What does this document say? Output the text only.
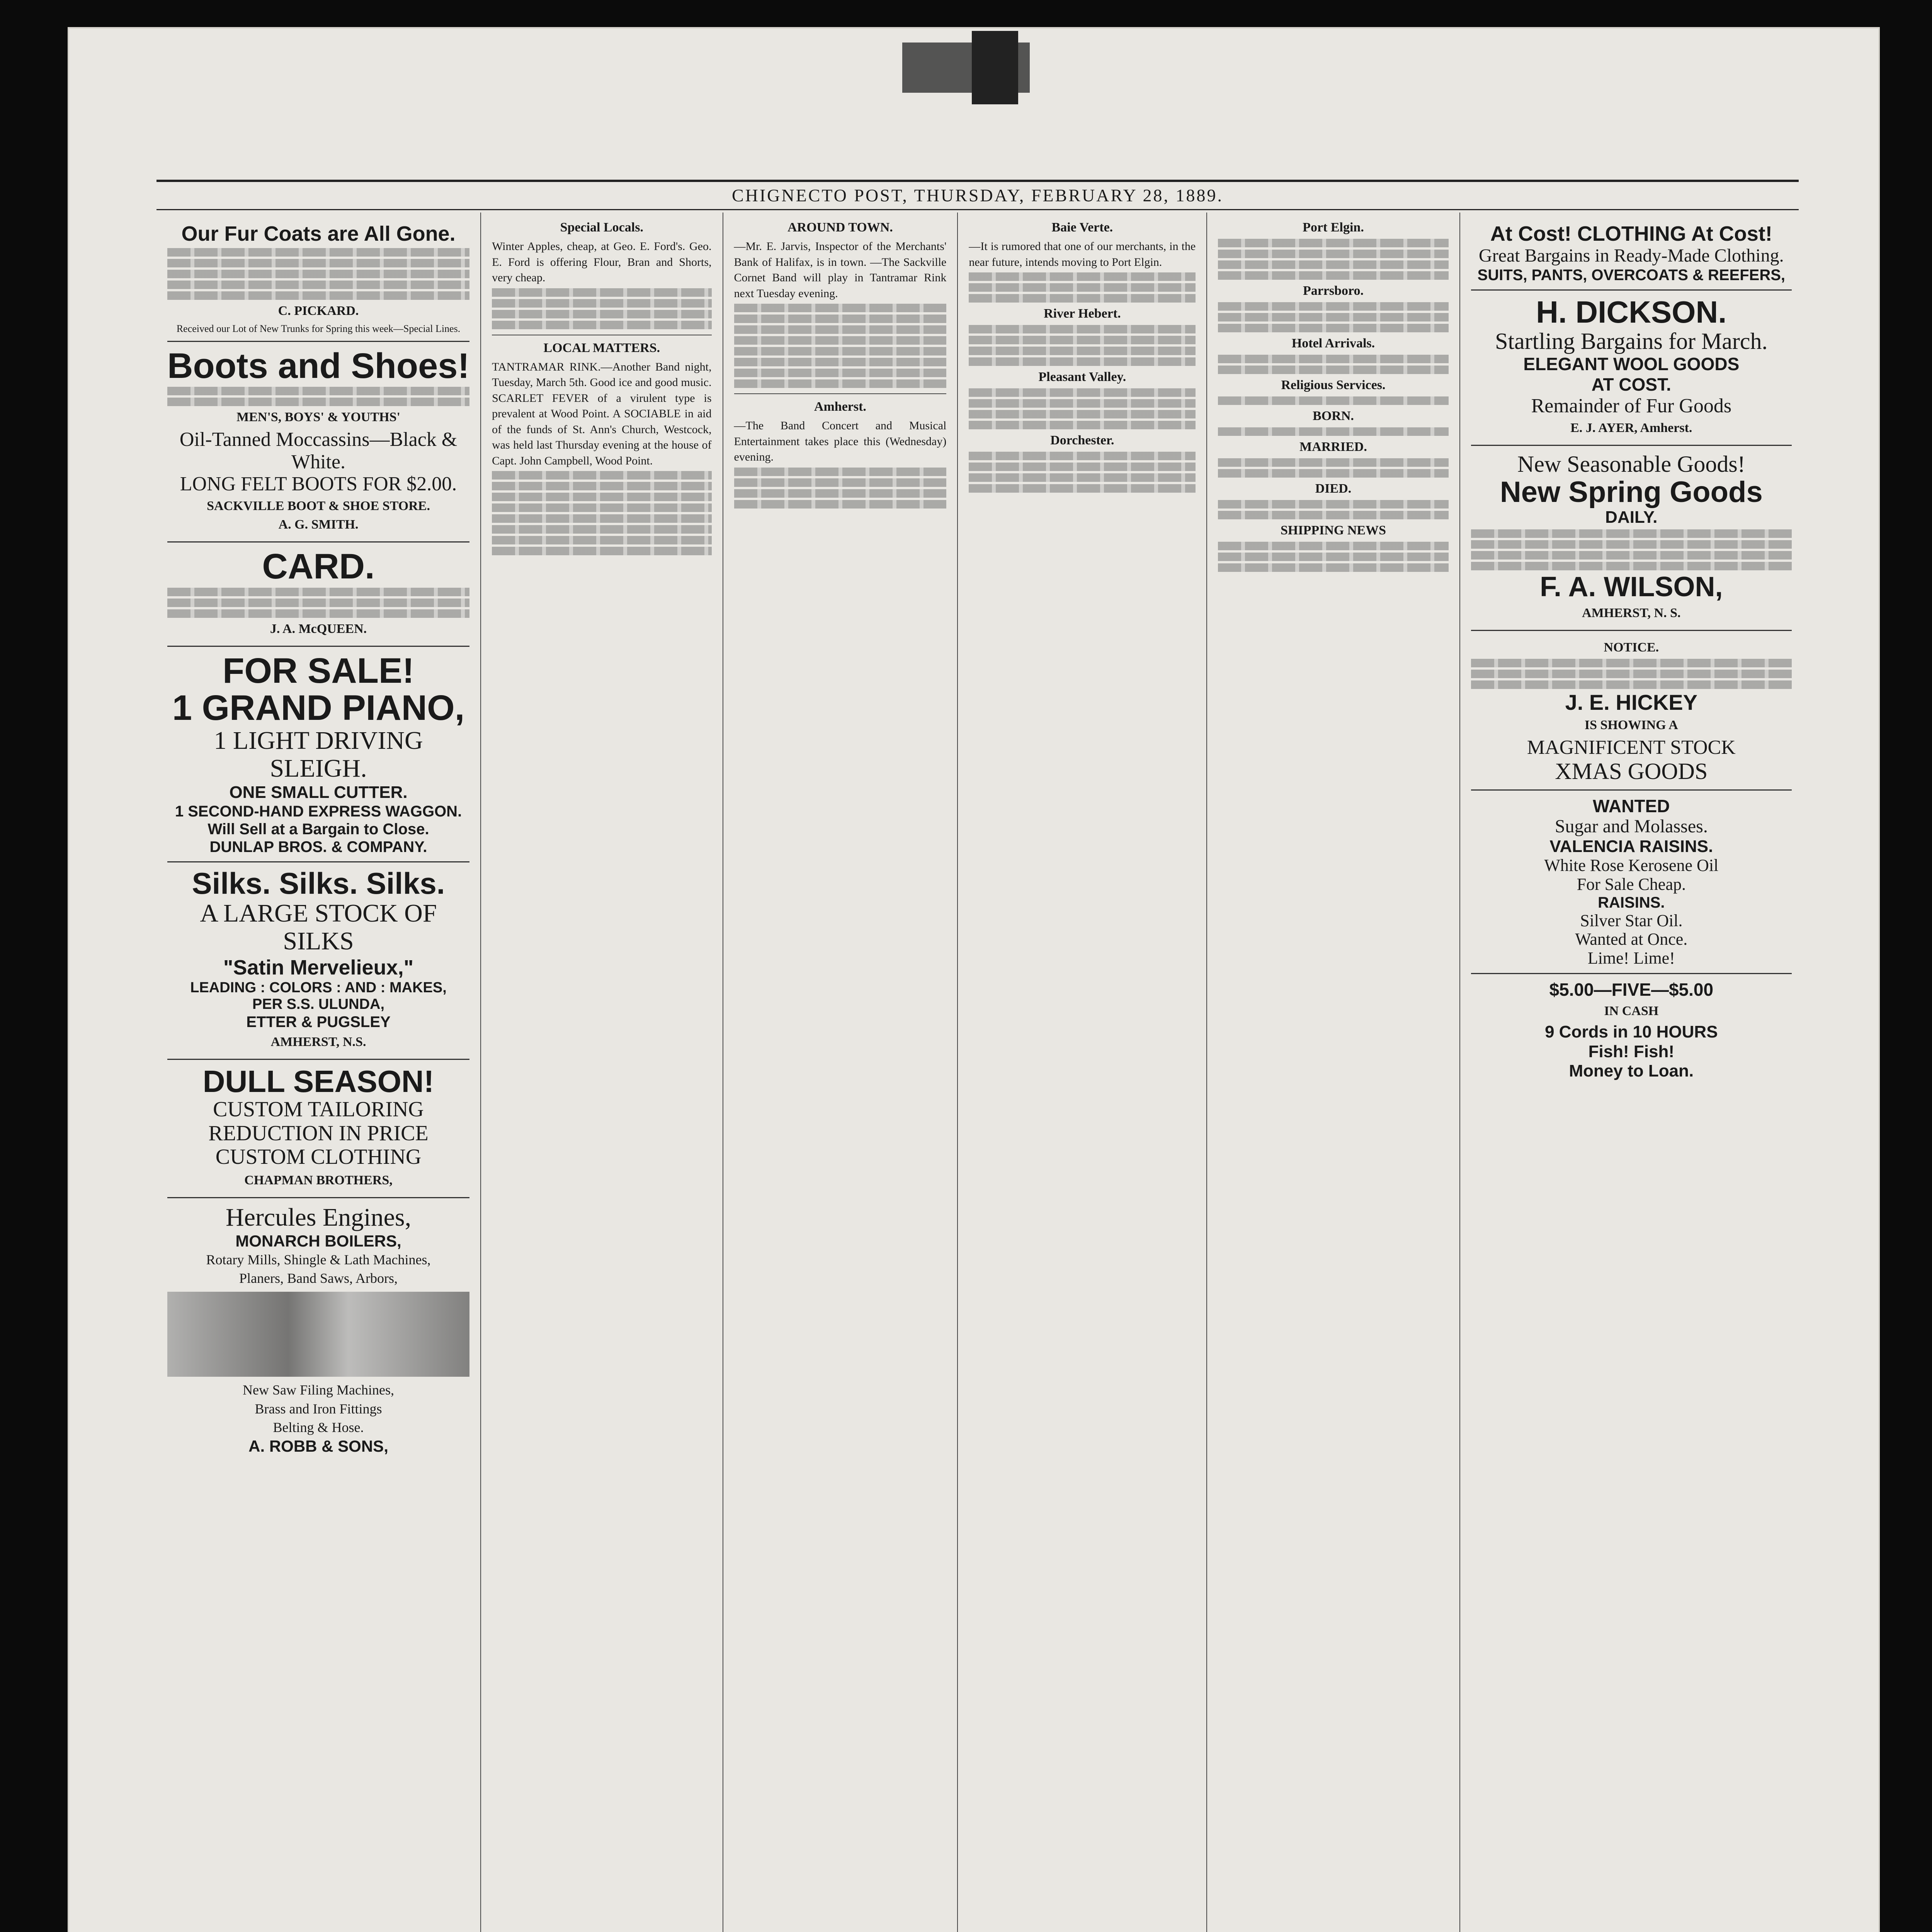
CHIGNECTO POST, THURSDAY, FEBRUARY 28, 1889.
Our Fur Coats are All Gone.
C. PICKARD.
Received our Lot of New Trunks for Spring this week—Special Lines.
Boots and Shoes!
MEN'S, BOYS' & YOUTHS'
Oil-Tanned Moccassins—Black & White.
LONG FELT BOOTS FOR $2.00.
SACKVILLE BOOT & SHOE STORE.
A. G. SMITH.
CARD.
J. A. McQUEEN.
FOR SALE!
1 GRAND PIANO,
1 LIGHT DRIVING SLEIGH.
ONE SMALL CUTTER.
1 SECOND-HAND EXPRESS WAGGON.
Will Sell at a Bargain to Close.
DUNLAP BROS. & COMPANY.
Silks. Silks. Silks.
A LARGE STOCK OF SILKS
"Satin Mervelieux,"
LEADING : COLORS : AND : MAKES,
PER S.S. ULUNDA,
ETTER & PUGSLEY
AMHERST, N.S.
DULL SEASON!
CUSTOM TAILORING
REDUCTION IN PRICE
CUSTOM CLOTHING
CHAPMAN BROTHERS,
Hercules Engines,
MONARCH BOILERS,
Rotary Mills, Shingle & Lath Machines,
Planers, Band Saws, Arbors,
New Saw Filing Machines,
Brass and Iron Fittings
Belting & Hose.
A. ROBB & SONS,
Special Locals.
Winter Apples, cheap, at Geo. E. Ford's. Geo. E. Ford is offering Flour, Bran and Shorts, very cheap.
LOCAL MATTERS.
TANTRAMAR RINK.—Another Band night, Tuesday, March 5th. Good ice and good music. SCARLET FEVER of a virulent type is prevalent at Wood Point. A SOCIABLE in aid of the funds of St. Ann's Church, Westcock, was held last Thursday evening at the house of Capt. John Campbell, Wood Point.
AROUND TOWN.
—Mr. E. Jarvis, Inspector of the Merchants' Bank of Halifax, is in town. —The Sackville Cornet Band will play in Tantramar Rink next Tuesday evening.
Amherst.
—The Band Concert and Musical Entertainment takes place this (Wednesday) evening.
Baie Verte.
—It is rumored that one of our merchants, in the near future, intends moving to Port Elgin.
River Hebert.
Pleasant Valley.
Dorchester.
Port Elgin.
Parrsboro.
Hotel Arrivals.
Religious Services.
BORN.
MARRIED.
DIED.
SHIPPING NEWS
At Cost! CLOTHING At Cost!
Great Bargains in Ready-Made Clothing.
SUITS, PANTS, OVERCOATS & REEFERS,
H. DICKSON.
Startling Bargains for March.
ELEGANT WOOL GOODS
AT COST.
Remainder of Fur Goods
E. J. AYER, Amherst.
New Seasonable Goods!
New Spring Goods
DAILY.
F. A. WILSON,
AMHERST, N. S.
NOTICE.
J. E. HICKEY
IS SHOWING A
MAGNIFICENT STOCK
XMAS GOODS
WANTED
Sugar and Molasses.
VALENCIA RAISINS.
White Rose Kerosene Oil
For Sale Cheap.
RAISINS.
Silver Star Oil.
Wanted at Once.
Lime! Lime!
$5.00—FIVE—$5.00
IN CASH
9 Cords in 10 HOURS
Fish! Fish!
Money to Loan.
